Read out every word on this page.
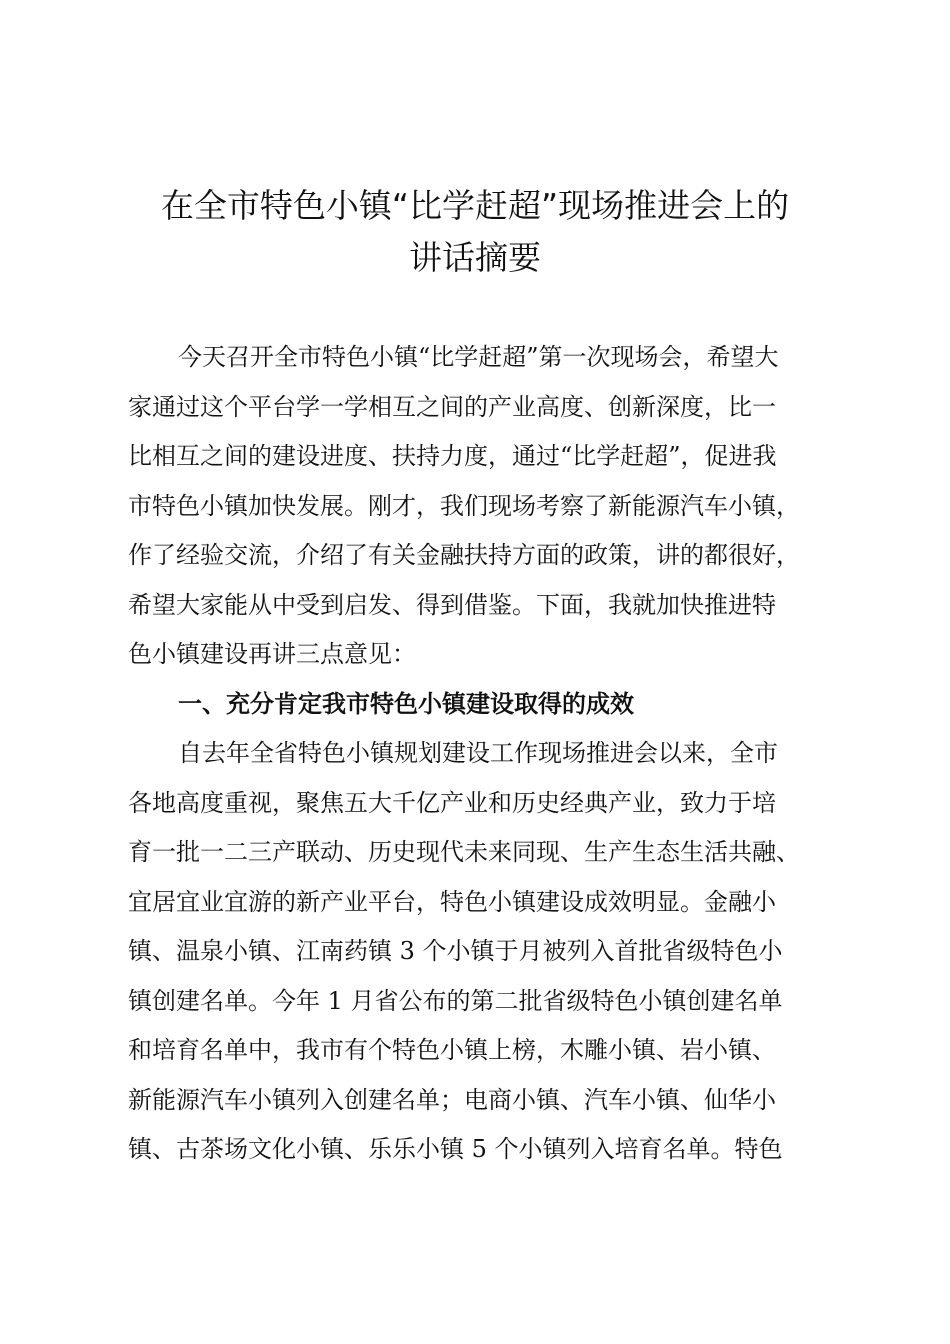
在全市特色小镇“比学赶超”现场推进会上的
讲话摘要

今天召开全市特色小镇“比学赶超”第一次现场会，希望大
家通过这个平台学一学相互之间的产业高度、创新深度，比一
比相互之间的建设进度、扶持力度，通过“比学赶超”，促进我
市特色小镇加快发展。刚才，我们现场考察了新能源汽车小镇，
作了经验交流，介绍了有关金融扶持方面的政策，讲的都很好，
希望大家能从中受到启发、得到借鉴。下面，我就加快推进特
色小镇建设再讲三点意见：

一、充分肯定我市特色小镇建设取得的成效

自去年全省特色小镇规划建设工作现场推进会以来，全市
各地高度重视，聚焦五大千亿产业和历史经典产业，致力于培
育一批一二三产联动、历史现代未来同现、生产生态生活共融、
宜居宜业宜游的新产业平台，特色小镇建设成效明显。金融小
镇、温泉小镇、江南药镇 3 个小镇于月被列入首批省级特色小
镇创建名单。今年 1 月省公布的第二批省级特色小镇创建名单
和培育名单中，我市有个特色小镇上榜，木雕小镇、岩小镇、
新能源汽车小镇列入创建名单；电商小镇、汽车小镇、仙华小
镇、古茶场文化小镇、乐乐小镇 5 个小镇列入培育名单。特色
